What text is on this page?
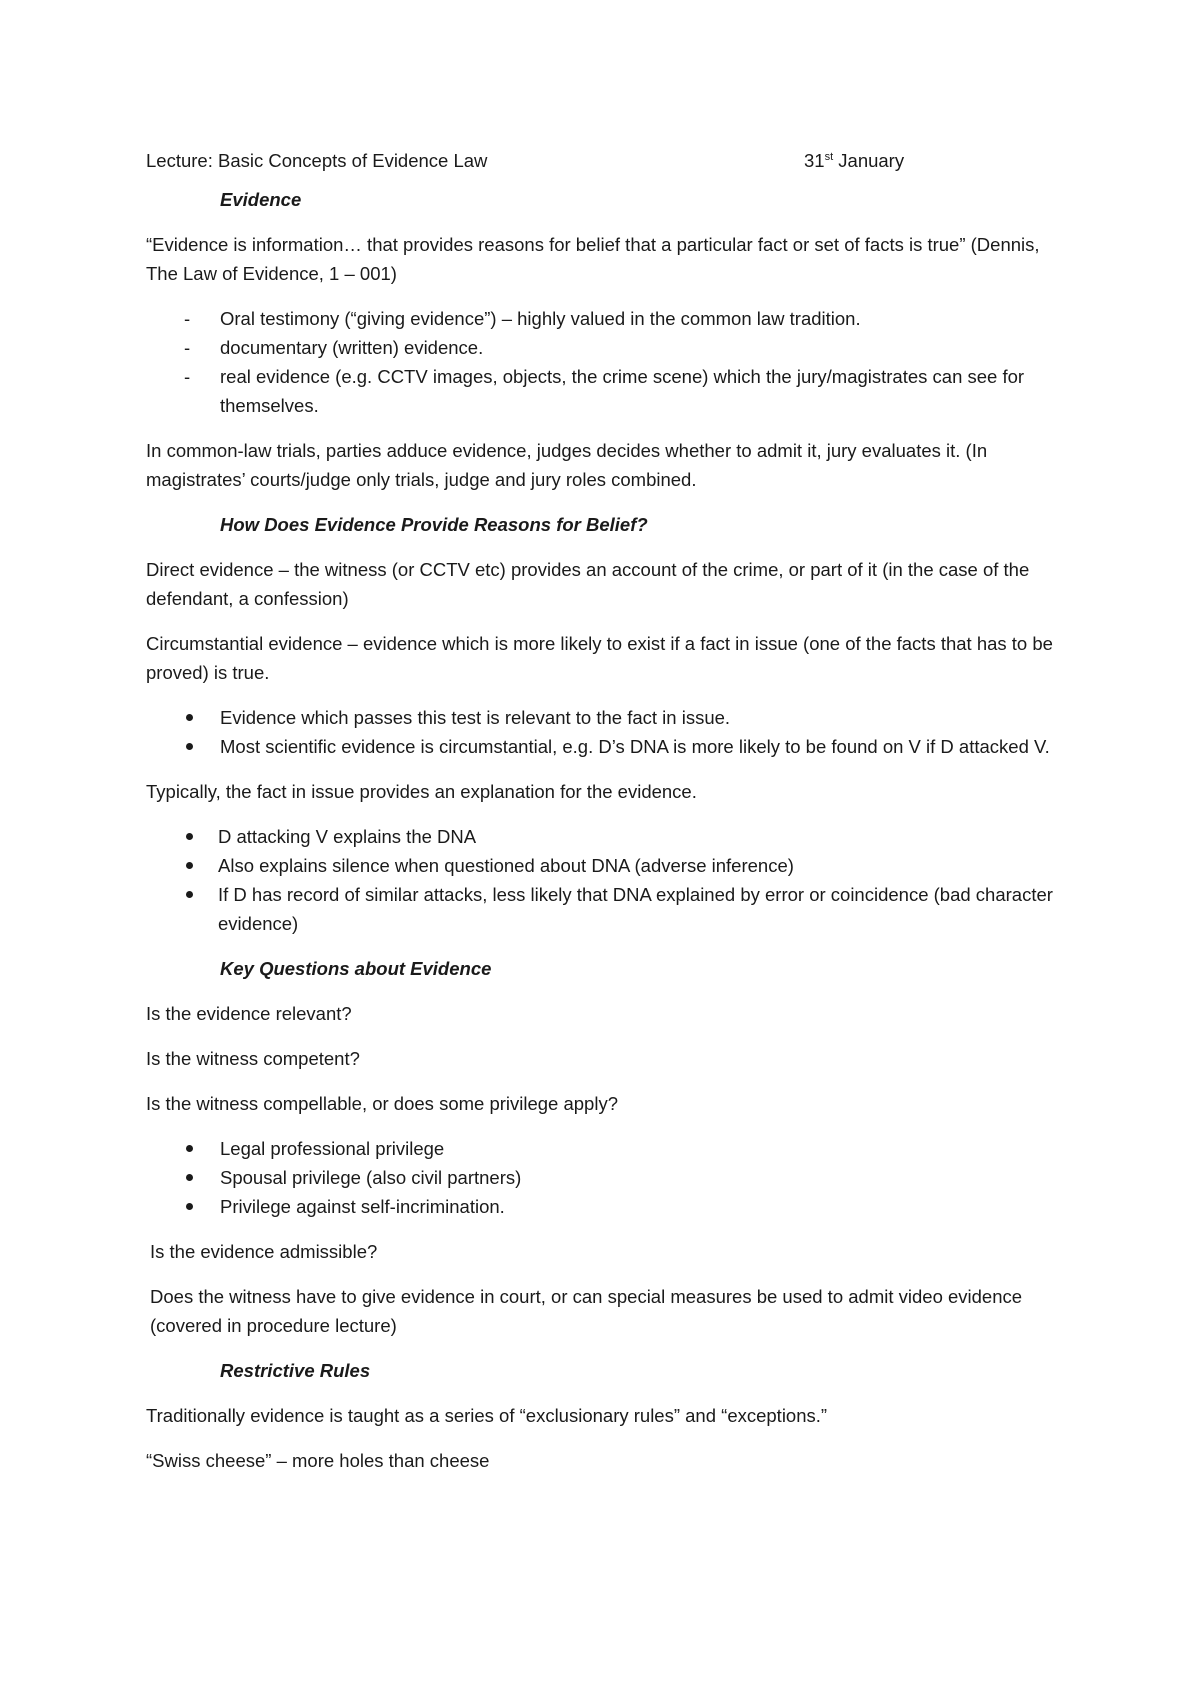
Lecture: Basic Concepts of Evidence Law	31st January
Evidence

“Evidence is information… that provides reasons for belief that a particular fact or set of facts is true” (Dennis, The Law of Evidence, 1 – 001)

- Oral testimony (“giving evidence”) – highly valued in the common law tradition.
- documentary (written) evidence.
- real evidence (e.g. CCTV images, objects, the crime scene) which the jury/magistrates can see for themselves.

In common-law trials, parties adduce evidence, judges decides whether to admit it, jury evaluates it. (In magistrates’ courts/judge only trials, judge and jury roles combined.

How Does Evidence Provide Reasons for Belief?

Direct evidence – the witness (or CCTV etc) provides an account of the crime, or part of it (in the case of the defendant, a confession)

Circumstantial evidence – evidence which is more likely to exist if a fact in issue (one of the facts that has to be proved) is true.

Evidence which passes this test is relevant to the fact in issue.
Most scientific evidence is circumstantial, e.g. D’s DNA is more likely to be found on V if D attacked V.

Typically, the fact in issue provides an explanation for the evidence.

D attacking V explains the DNA
Also explains silence when questioned about DNA (adverse inference)
If D has record of similar attacks, less likely that DNA explained by error or coincidence (bad character evidence)
Key Questions about Evidence

Is the evidence relevant?

Is the witness competent?

Is the witness compellable, or does some privilege apply?

Legal professional privilege
Spousal privilege (also civil partners)
Privilege against self-incrimination.

Is the evidence admissible?

Does the witness have to give evidence in court, or can special measures be used to admit video evidence (covered in procedure lecture)

Restrictive Rules

Traditionally evidence is taught as a series of “exclusionary rules” and “exceptions.”

“Swiss cheese” – more holes than cheese
